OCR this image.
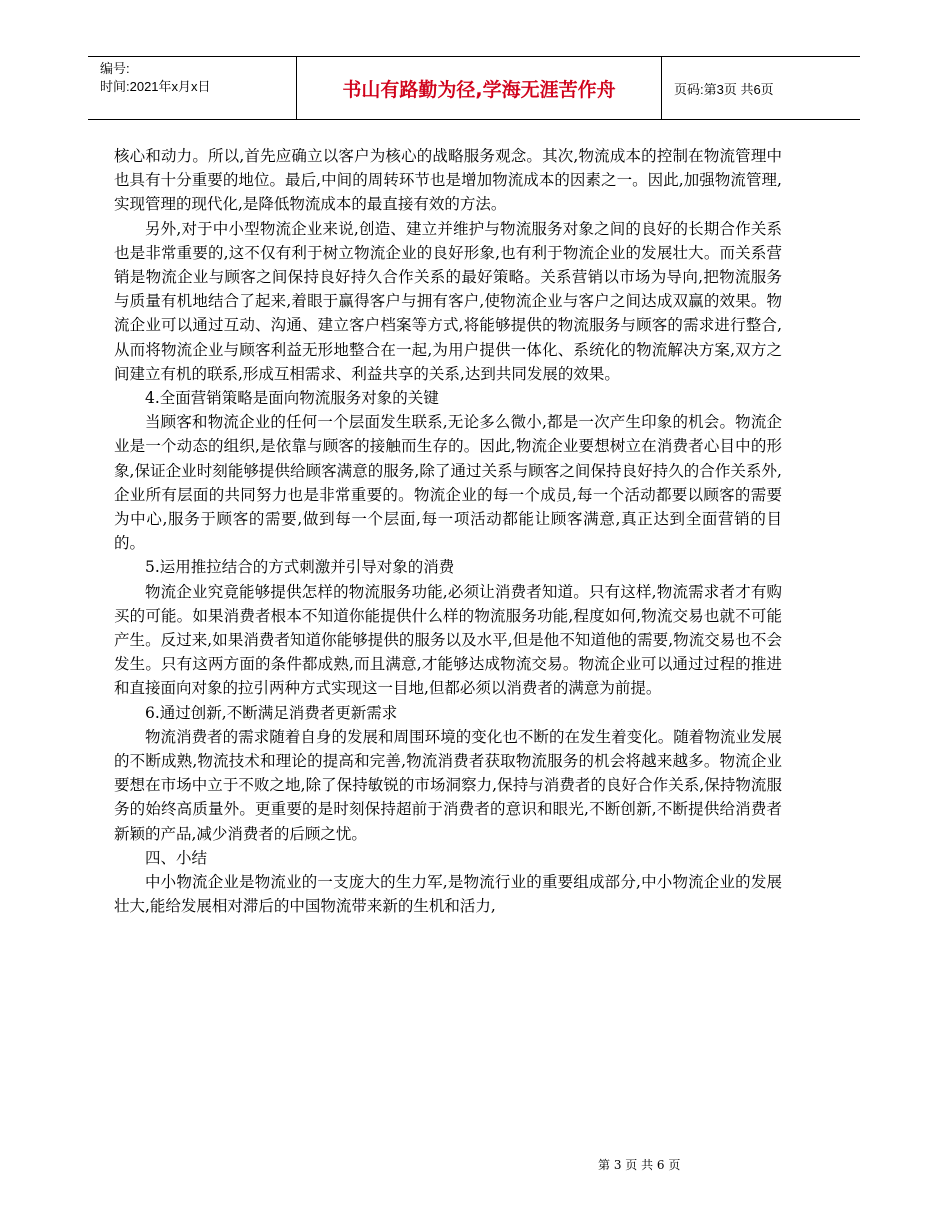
编号:
时间:2021年x月x日	书山有路勤为径,学海无涯苦作舟	页码:第3页 共6页

核心和动力。所以,首先应确立以客户为核心的战略服务观念。其次,物流成本的控制在物流管理中也具有十分重要的地位。最后,中间的周转环节也是增加物流成本的因素之一。因此,加强物流管理,实现管理的现代化,是降低物流成本的最直接有效的方法。

另外,对于中小型物流企业来说,创造、建立并维护与物流服务对象之间的良好的长期合作关系也是非常重要的,这不仅有利于树立物流企业的良好形象,也有利于物流企业的发展壮大。而关系营销是物流企业与顾客之间保持良好持久合作关系的最好策略。关系营销以市场为导向,把物流服务与质量有机地结合了起来,着眼于赢得客户与拥有客户,使物流企业与客户之间达成双赢的效果。物流企业可以通过互动、沟通、建立客户档案等方式,将能够提供的物流服务与顾客的需求进行整合,从而将物流企业与顾客利益无形地整合在一起,为用户提供一体化、系统化的物流解决方案,双方之间建立有机的联系,形成互相需求、利益共享的关系,达到共同发展的效果。

4.全面营销策略是面向物流服务对象的关键

当顾客和物流企业的任何一个层面发生联系,无论多么微小,都是一次产生印象的机会。物流企业是一个动态的组织,是依靠与顾客的接触而生存的。因此,物流企业要想树立在消费者心目中的形象,保证企业时刻能够提供给顾客满意的服务,除了通过关系与顾客之间保持良好持久的合作关系外,企业所有层面的共同努力也是非常重要的。物流企业的每一个成员,每一个活动都要以顾客的需要为中心,服务于顾客的需要,做到每一个层面,每一项活动都能让顾客满意,真正达到全面营销的目的。

5.运用推拉结合的方式刺激并引导对象的消费

物流企业究竟能够提供怎样的物流服务功能,必须让消费者知道。只有这样,物流需求者才有购买的可能。如果消费者根本不知道你能提供什么样的物流服务功能,程度如何,物流交易也就不可能产生。反过来,如果消费者知道你能够提供的服务以及水平,但是他不知道他的需要,物流交易也不会发生。只有这两方面的条件都成熟,而且满意,才能够达成物流交易。物流企业可以通过过程的推进和直接面向对象的拉引两种方式实现这一目地,但都必须以消费者的满意为前提。

6.通过创新,不断满足消费者更新需求

物流消费者的需求随着自身的发展和周围环境的变化也不断的在发生着变化。随着物流业发展的不断成熟,物流技术和理论的提高和完善,物流消费者获取物流服务的机会将越来越多。物流企业要想在市场中立于不败之地,除了保持敏锐的市场洞察力,保持与消费者的良好合作关系,保持物流服务的始终高质量外。更重要的是时刻保持超前于消费者的意识和眼光,不断创新,不断提供给消费者新颖的产品,减少消费者的后顾之忧。

四、小结

中小物流企业是物流业的一支庞大的生力军,是物流行业的重要组成部分,中小物流企业的发展壮大,能给发展相对滞后的中国物流带来新的生机和活力,

第 3 页 共 6 页
